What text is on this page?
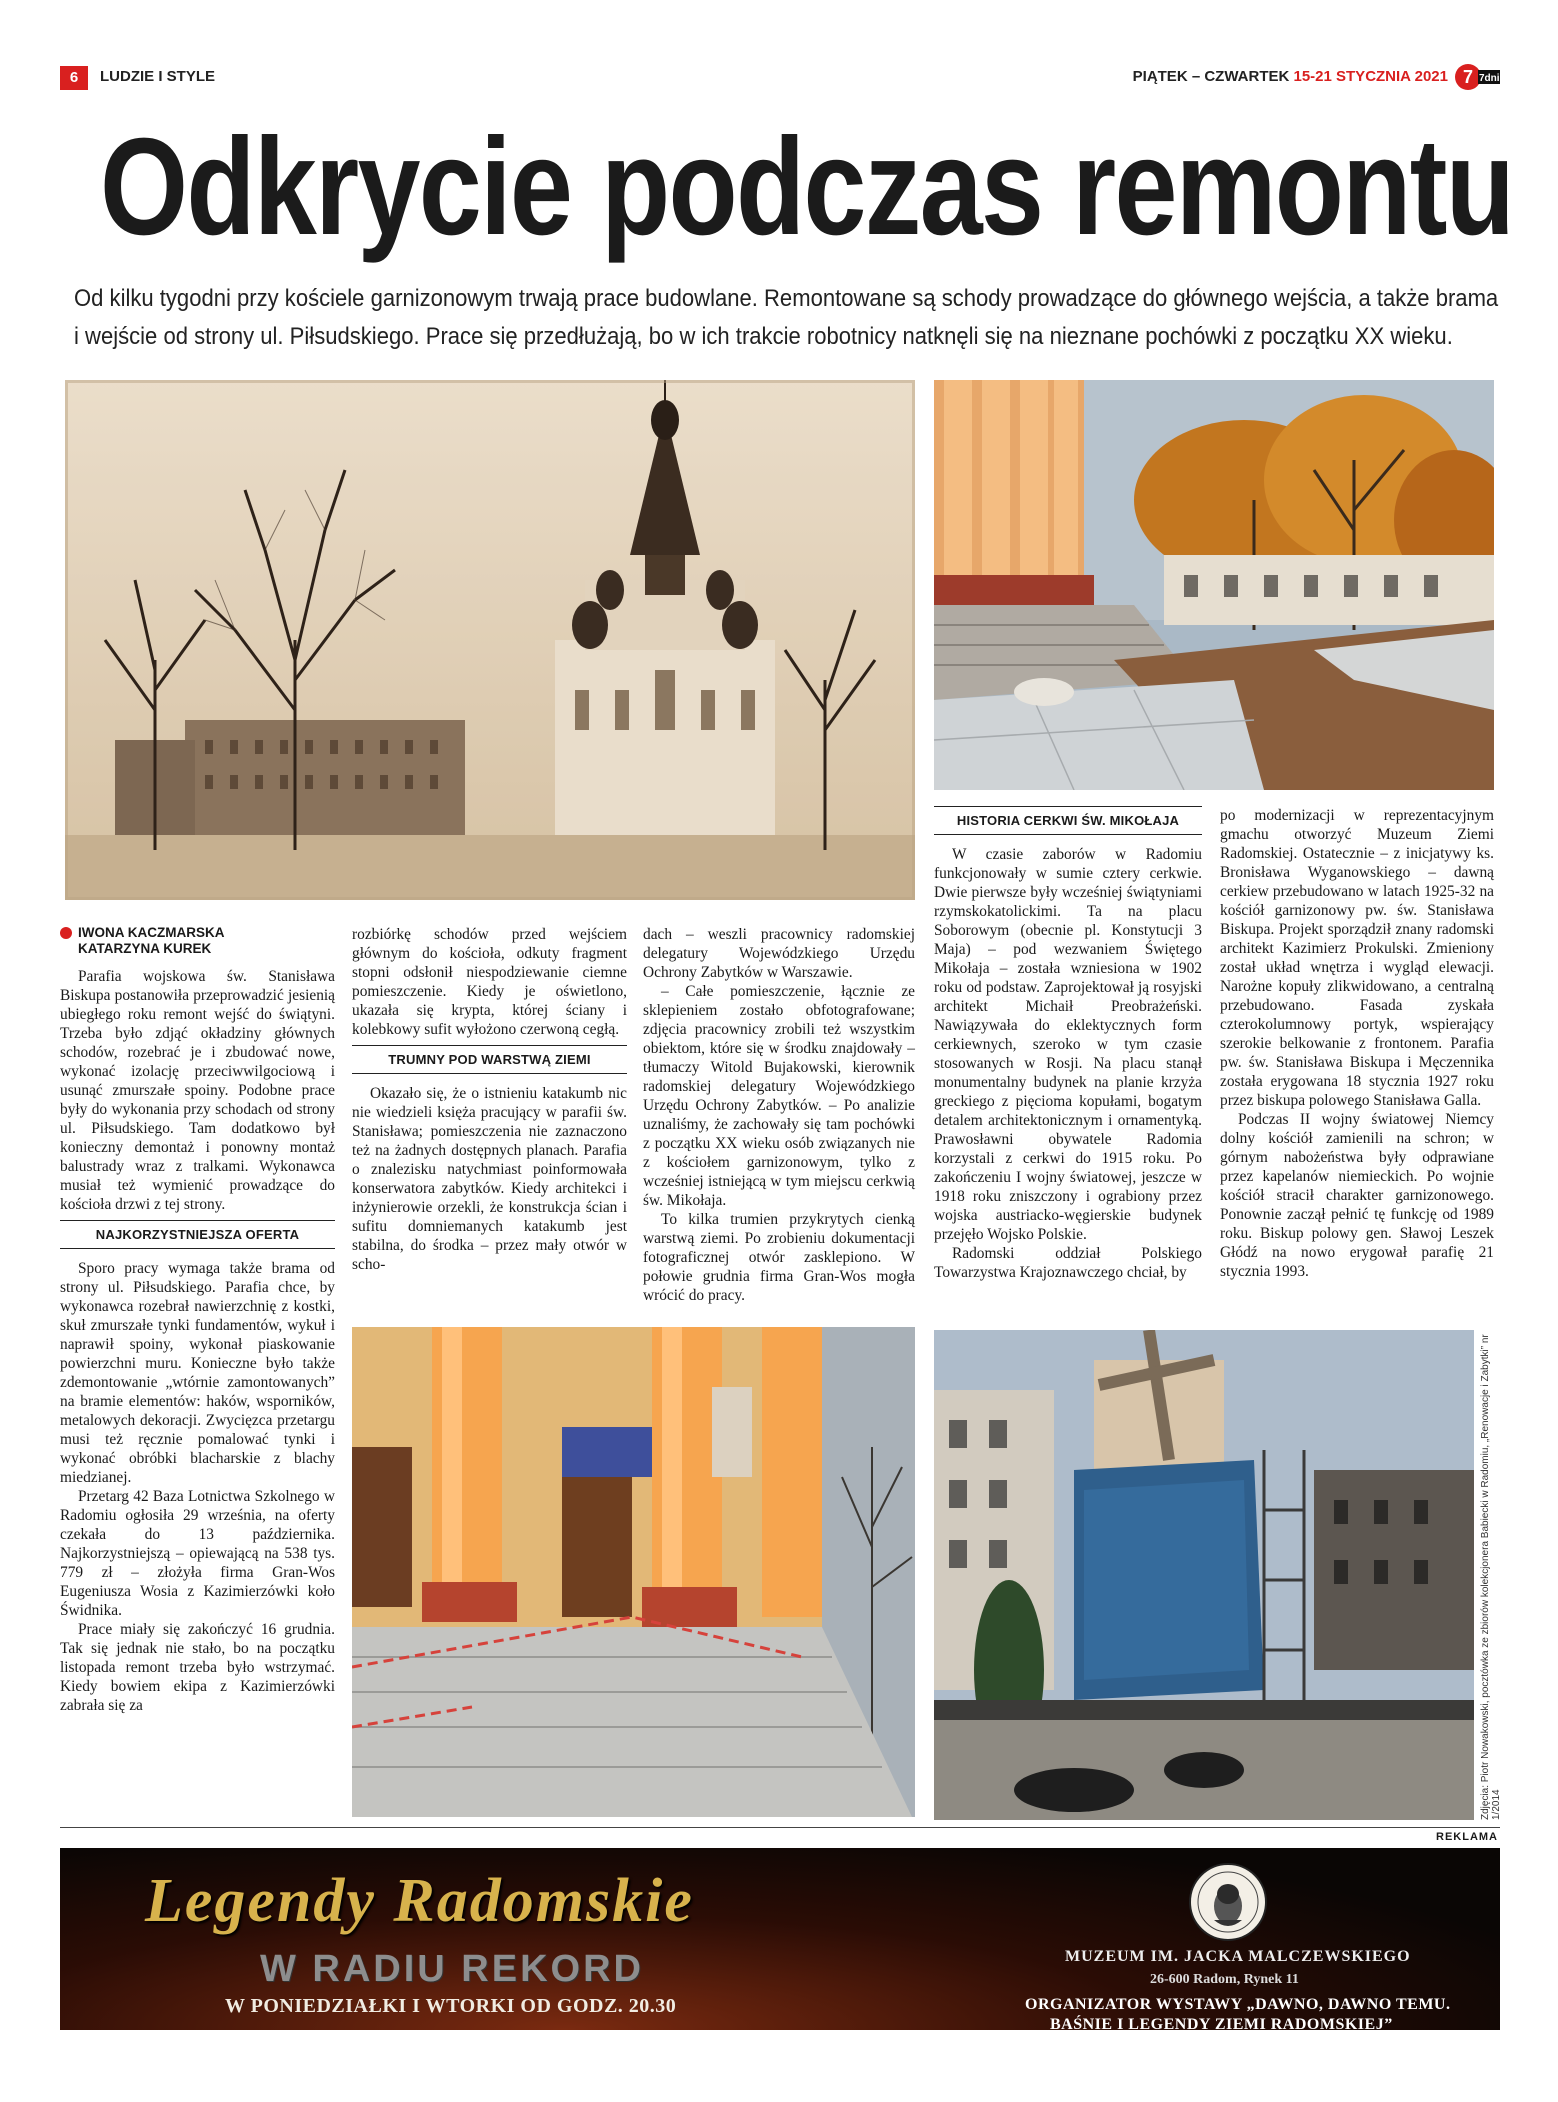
6	LUDZIE I STYLE	PIĄTEK – CZWARTEK 15-21 STYCZNIA 2021 7 7dni
Odkrycie podczas remontu
Od kilku tygodni przy kościele garnizonowym trwają prace budowlane. Remontowane są schody prowadzące do głównego wejścia, a także brama i wejście od strony ul. Piłsudskiego. Prace się przedłużają, bo w ich trakcie robotnicy natknęli się na nieznane pochówki z początku XX wieku.
IWONA KACZMARSKA
KATARZYNA KUREK

Parafia wojskowa św. Stanisława Biskupa postanowiła przeprowadzić jesienią ubiegłego roku remont wejść do świątyni. Trzeba było zdjąć okładziny głównych schodów, rozebrać je i zbudować nowe, wykonać izolację przeciwwilgociową i usunąć zmurszałe spoiny. Podobne prace były do wykonania przy schodach od strony ul. Piłsudskiego. Tam dodatkowo był konieczny demontaż i ponowny montaż balustrady wraz z tralkami. Wykonawca musiał też wymienić prowadzące do kościoła drzwi z tej strony.

NAJKORZYSTNIEJSZA OFERTA

Sporo pracy wymaga także brama od strony ul. Piłsudskiego. Parafia chce, by wykonawca rozebrał nawierzchnię z kostki, skuł zmurszałe tynki fundamentów, wykuł i naprawił spoiny, wykonał piaskowanie powierzchni muru. Konieczne było także zdemontowanie „wtórnie zamontowanych” na bramie elementów: haków, wsporników, metalowych dekoracji. Zwycięzca przetargu musi też ręcznie pomalować tynki i wykonać obróbki blacharskie z blachy miedzianej.

Przetarg 42 Baza Lotnictwa Szkolnego w Radomiu ogłosiła 29 września, na oferty czekała do 13 października. Najkorzystniejszą – opiewającą na 538 tys. 779 zł – złożyła firma Gran-Wos Eugeniusza Wosia z Kazimierzówki koło Świdnika.

Prace miały się zakończyć 16 grudnia. Tak się jednak nie stało, bo na początku listopada remont trzeba było wstrzymać. Kiedy bowiem ekipa z Kazimierzówki zabrała się za

rozbiórkę schodów przed wejściem głównym do kościoła, odkuty fragment stopni odsłonił niespodziewanie ciemne pomieszczenie. Kiedy je oświetlono, ukazała się krypta, której ściany i kolebkowy sufit wyłożono czerwoną cegłą.

TRUMNY POD WARSTWĄ ZIEMI

Okazało się, że o istnieniu katakumb nic nie wiedzieli księża pracujący w parafii św. Stanisława; pomieszczenia nie zaznaczono też na żadnych dostępnych planach. Parafia o znalezisku natychmiast poinformowała konserwatora zabytków. Kiedy architekci i inżynierowie orzekli, że konstrukcja ścian i sufitu domniemanych katakumb jest stabilna, do środka – przez mały otwór w scho-

dach – weszli pracownicy radomskiej delegatury Wojewódzkiego Urzędu Ochrony Zabytków w Warszawie.

– Całe pomieszczenie, łącznie ze sklepieniem zostało obfotografowane; zdjęcia pracownicy zrobili też wszystkim obiektom, które się w środku znajdowały – tłumaczy Witold Bujakowski, kierownik radomskiej delegatury Wojewódzkiego Urzędu Ochrony Zabytków. – Po analizie uznaliśmy, że zachowały się tam pochówki z początku XX wieku osób związanych nie z kościołem garnizonowym, tylko z wcześniej istniejącą w tym miejscu cerkwią św. Mikołaja.

To kilka trumien przykrytych cienką warstwą ziemi. Po zrobieniu dokumentacji fotograficznej otwór zasklepiono. W połowie grudnia firma Gran-Wos mogła wrócić do pracy.

HISTORIA CERKWI ŚW. MIKOŁAJA

W czasie zaborów w Radomiu funkcjonowały w sumie cztery cerkwie. Dwie pierwsze były wcześniej świątyniami rzymskokatolickimi. Ta na placu Soborowym (obecnie pl. Konstytucji 3 Maja) – pod wezwaniem Świętego Mikołaja – została wzniesiona w 1902 roku od podstaw. Zaprojektował ją rosyjski architekt Michaił Preobrażeński. Nawiązywała do eklektycznych form cerkiewnych, szeroko w tym czasie stosowanych w Rosji. Na placu stanął monumentalny budynek na planie krzyża greckiego z pięcioma kopułami, bogatym detalem architektonicznym i ornamentyką. Prawosławni obywatele Radomia korzystali z cerkwi do 1915 roku. Po zakończeniu I wojny światowej, jeszcze w 1918 roku zniszczony i ograbiony przez wojska austriacko-węgierskie budynek przejęło Wojsko Polskie.

Radomski oddział Polskiego Towarzystwa Krajoznawczego chciał, by

po modernizacji w reprezentacyjnym gmachu otworzyć Muzeum Ziemi Radomskiej. Ostatecznie – z inicjatywy ks. Bronisława Wyganowskiego – dawną cerkiew przebudowano w latach 1925-32 na kościół garnizonowy pw. św. Stanisława Biskupa. Projekt sporządził znany radomski architekt Kazimierz Prokulski. Zmieniony został układ wnętrza i wygląd elewacji. Narożne kopuły zlikwidowano, a centralną przebudowano. Fasada zyskała czterokolumnowy portyk, wspierający szerokie belkowanie z frontonem. Parafia pw. św. Stanisława Biskupa i Męczennika została erygowana 18 stycznia 1927 roku przez biskupa polowego Stanisława Galla.

Podczas II wojny światowej Niemcy dolny kościół zamienili na schron; w górnym nabożeństwa były odprawiane przez kapelanów niemieckich. Po wojnie kościół stracił charakter garnizonowego. Ponownie zaczął pełnić tę funkcję od 1989 roku. Biskup polowy gen. Sławoj Leszek Głódź na nowo erygował parafię 21 stycznia 1993.

Zdjęcia: Piotr Nowakowski, pocztówka ze zbiorów kolekcjonera Babiecki w Radomiu, „Renowacje i Zabytki” nr 1/2014
REKLAMA
Legendy Radomskie
W RADIU REKORD
W PONIEDZIAŁKI I WTORKI OD GODZ. 20.30
MUZEUM IM. JACKA MALCZEWSKIEGO
26-600 Radom, Rynek 11
ORGANIZATOR WYSTAWY „DAWNO, DAWNO TEMU.
BAŚNIE I LEGENDY ZIEMI RADOMSKIEJ”
